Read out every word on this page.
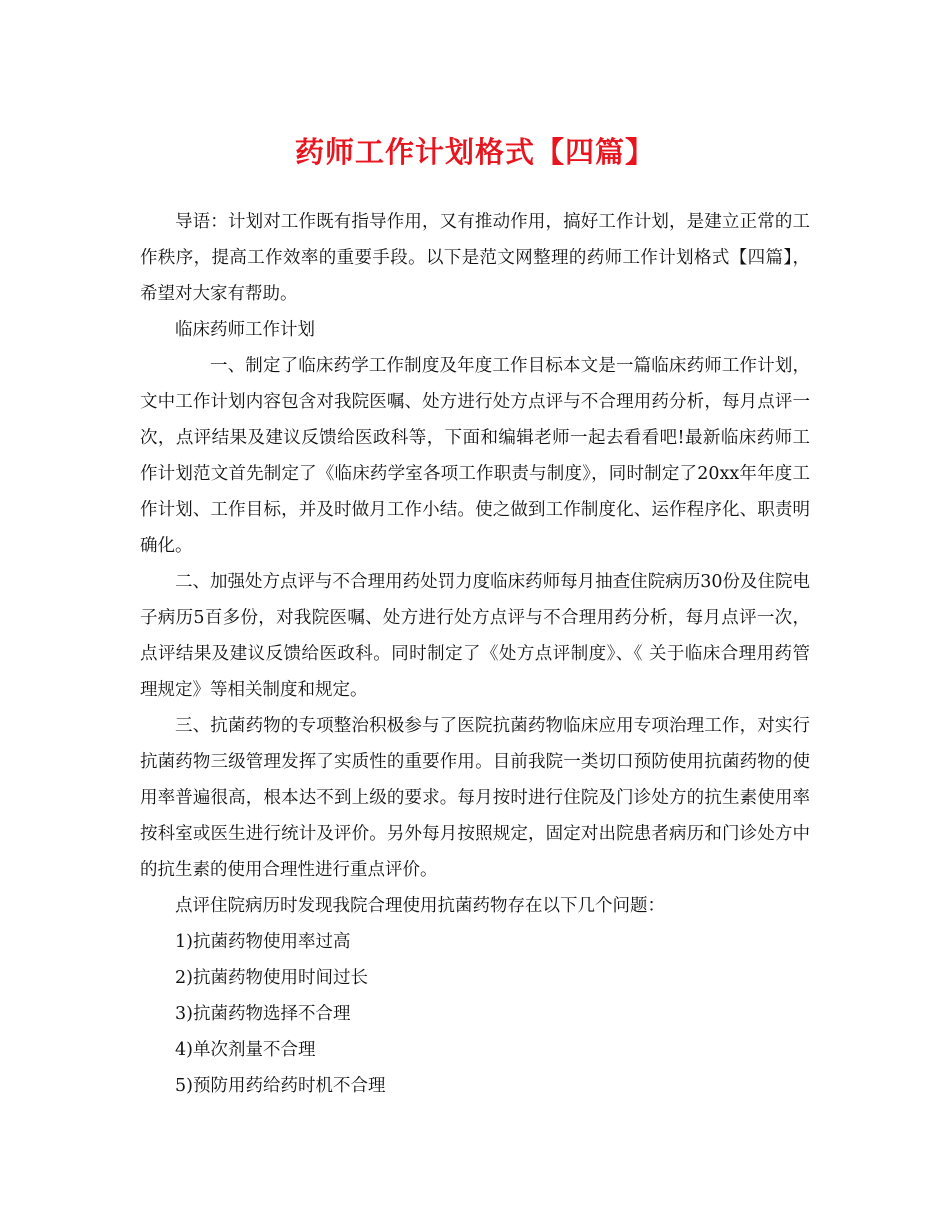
药师工作计划格式【四篇】

导语：计划对工作既有指导作用，又有推动作用，搞好工作计划，是建立正常的工作秩序，提高工作效率的重要手段。以下是范文网整理的药师工作计划格式【四篇】，希望对大家有帮助。

临床药师工作计划

一、制定了临床药学工作制度及年度工作目标本文是一篇临床药师工作计划，文中工作计划内容包含对我院医嘱、处方进行处方点评与不合理用药分析，每月点评一次，点评结果及建议反馈给医政科等，下面和编辑老师一起去看看吧!最新临床药师工作计划范文首先制定了《临床药学室各项工作职责与制度》，同时制定了20xx年年度工作计划、工作目标，并及时做月工作小结。使之做到工作制度化、运作程序化、职责明确化。

二、加强处方点评与不合理用药处罚力度临床药师每月抽查住院病历30份及住院电子病历5百多份，对我院医嘱、处方进行处方点评与不合理用药分析，每月点评一次，点评结果及建议反馈给医政科。同时制定了《处方点评制度》、《 关于临床合理用药管理规定》等相关制度和规定。

三、抗菌药物的专项整治积极参与了医院抗菌药物临床应用专项治理工作，对实行抗菌药物三级管理发挥了实质性的重要作用。目前我院一类切口预防使用抗菌药物的使用率普遍很高，根本达不到上级的要求。每月按时进行住院及门诊处方的抗生素使用率按科室或医生进行统计及评价。另外每月按照规定，固定对出院患者病历和门诊处方中的抗生素的使用合理性进行重点评价。

点评住院病历时发现我院合理使用抗菌药物存在以下几个问题：

1)抗菌药物使用率过高

2)抗菌药物使用时间过长

3)抗菌药物选择不合理

4)单次剂量不合理

5)预防用药给药时机不合理
